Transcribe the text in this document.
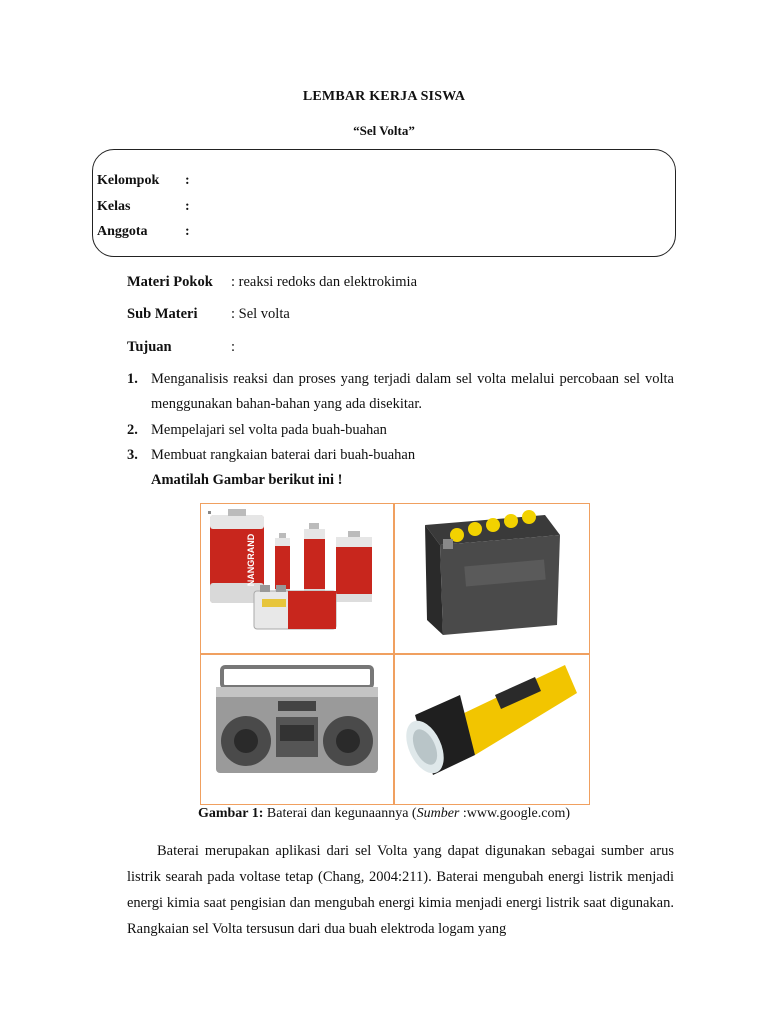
LEMBAR KERJA SISWA
“Sel Volta”
Kelompok :
Kelas	:
Anggota	:
Materi Pokok : reaksi redoks dan elektrokimia
Sub Materi : Sel volta
Tujuan	:
1. Menganalisis reaksi dan proses yang terjadi dalam sel volta melalui percobaan sel volta menggunakan bahan-bahan yang ada disekitar.
2. Mempelajari sel volta pada buah-buahan
3. Membuat rangkaian baterai dari buah-buahan
Amatilah Gambar berikut ini !
NANGRAND
Gambar 1: Baterai dan kegunaannya (Sumber :www.google.com)
Baterai merupakan aplikasi dari sel Volta yang dapat digunakan sebagai sumber arus listrik searah pada voltase tetap (Chang, 2004:211). Baterai mengubah energi listrik menjadi energi kimia saat pengisian dan mengubah energi kimia menjadi energi listrik saat digunakan. Rangkaian sel Volta tersusun dari dua buah elektroda logam yang
